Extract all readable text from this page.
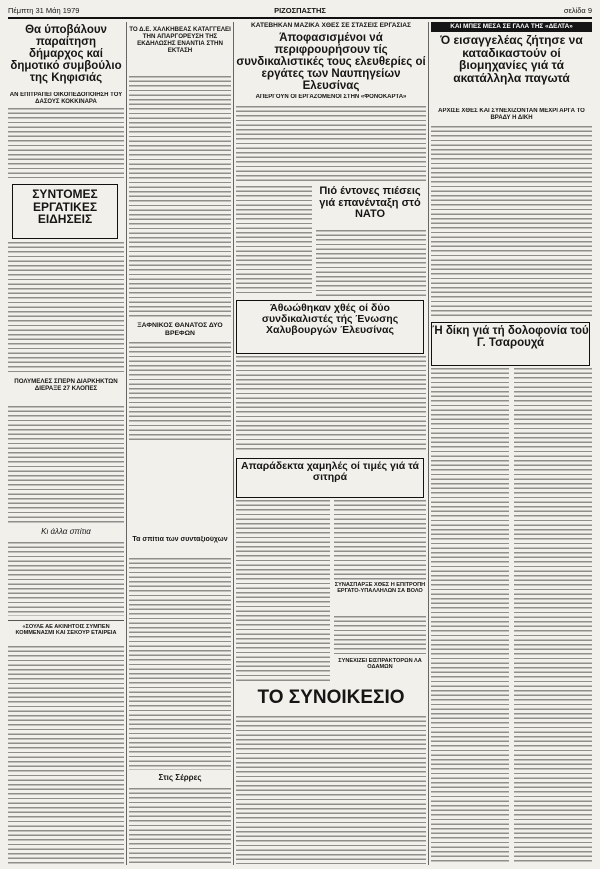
Πέμπτη 31 Μάη 1979	ΡΙΖΟΣΠΑΣΤΗΣ	σελίδα 9
Θα ύποβάλουν παραίτηση δήμαρχος καί δημοτικό συμβούλιο της Κηφισιάς
ΑΝ ΕΠΙΤΡΑΠΕΙ ΟΙΚΟΠΕΔΟΠΟΙΗΣΗ ΤΟΥ ΔΑΣΟΥΣ ΚΟΚΚΙΝΑΡΑ
ΣΥΝΤΟΜΕΣ ΕΡΓΑΤΙΚΕΣ ΕΙΔΗΣΕΙΣ
ΠΟΛΥΜΕΛΕΣ ΣΠΕΡΝ ΔΙΑΡΚΗΚΤΩΝ ΔΙΕΡΑΞΕ 27 ΚΛΟΠΕΣ
Κι άλλα σπίτια
«ΣΟΥΛΕ ΑΕ ΑΚΙΝΗΤΟΙΣ ΣΥΜΠΕΝ ΚΟΜΜΕΝΑΣΜΙ ΚΑΙ ΣΕΚΟΥΡ ΕΤΑΙΡΕΙΑ
ΤΟ Δ.Ε. ΧΑΛΚΗΒΕΑΣ ΚΑΤΑΓΓΕΛΕΙ ΤΗΝ ΑΠΑΡΓΟΡΕΥΣΗ ΤΗΣ ΕΚΔΗΛΩΣΗΣ ΕΝΑΝΤΙΑ ΣΤΗΝ ΕΚΤΑΣΗ
ΞΑΦΝΙΚΟΣ ΘΑΝΑΤΟΣ ΔΥΟ ΒΡΕΦΩΝ
Τα σπίτια των συνταξιούχων
Στις Σέρρες
ΚΑΤΕΒΗΚΑΝ ΜΑΖΙΚΑ ΧΘΕΣ ΣΕ ΣΤΑΣΕΙΣ ΕΡΓΑΣΙΑΣ
Άποφασισμένοι νά περιφρουρήσουν τίς συνδικαλιστικές τους ελευθερίες οί εργάτες των Ναυπηγείων Ελευσίνας
ΑΠΕΡΓΟΥΝ ΟΙ ΕΡΓΑΖΟΜΕΝΟΙ ΣΤΗΝ «ΦΟΝΟΚΑΡΤΑ»
Πιό έντονες πιέσεις γιά επανένταξη στό ΝΑΤΟ
Άθωώθηκαν χθές οί δύο συνδικαλιστές τής Ένωσης Χαλυβουργών Έλευσίνας
Απαράδεκτα χαμηλές οί τιμές γιά τά σιτηρά
ΣΥΝΑΣΠΑΡΞΕ ΧΘΕΣ Η ΕΠΙΤΡΟΠΗ ΕΡΓΑΤΟ-ΥΠΑΛΛΗΛΩΝ ΣΑ ΒΟΛΟ
ΣΥΝΕΧΙΖΕΙ ΕΙΣΠΡΑΚΤΟΡΩΝ ΛΑ ΟΔΑΜΩΝ
ΤΟ ΣΥΝΟΙΚΕΣΙΟ
ΚΑΙ ΜΠΕΣ ΜΕΣΑ ΣΕ ΓΑΛΑ ΤΗΣ «ΔΕΛΤΑ»
Ό εισαγγελέας ζήτησε να καταδικαστούν οί βιομηχανίες γιά τά ακατάλληλα παγωτά
ΑΡΧΙΣΕ ΧΘΕΣ ΚΑΙ ΣΥΝΕΧΙΖΟΝΤΑΝ ΜΕΧΡΙ ΑΡΓΑ ΤΟ ΒΡΑΔΥ Η ΔΙΚΗ
Ή δίκη γιά τή δολοφονία τού Γ. Τσαρουχά
